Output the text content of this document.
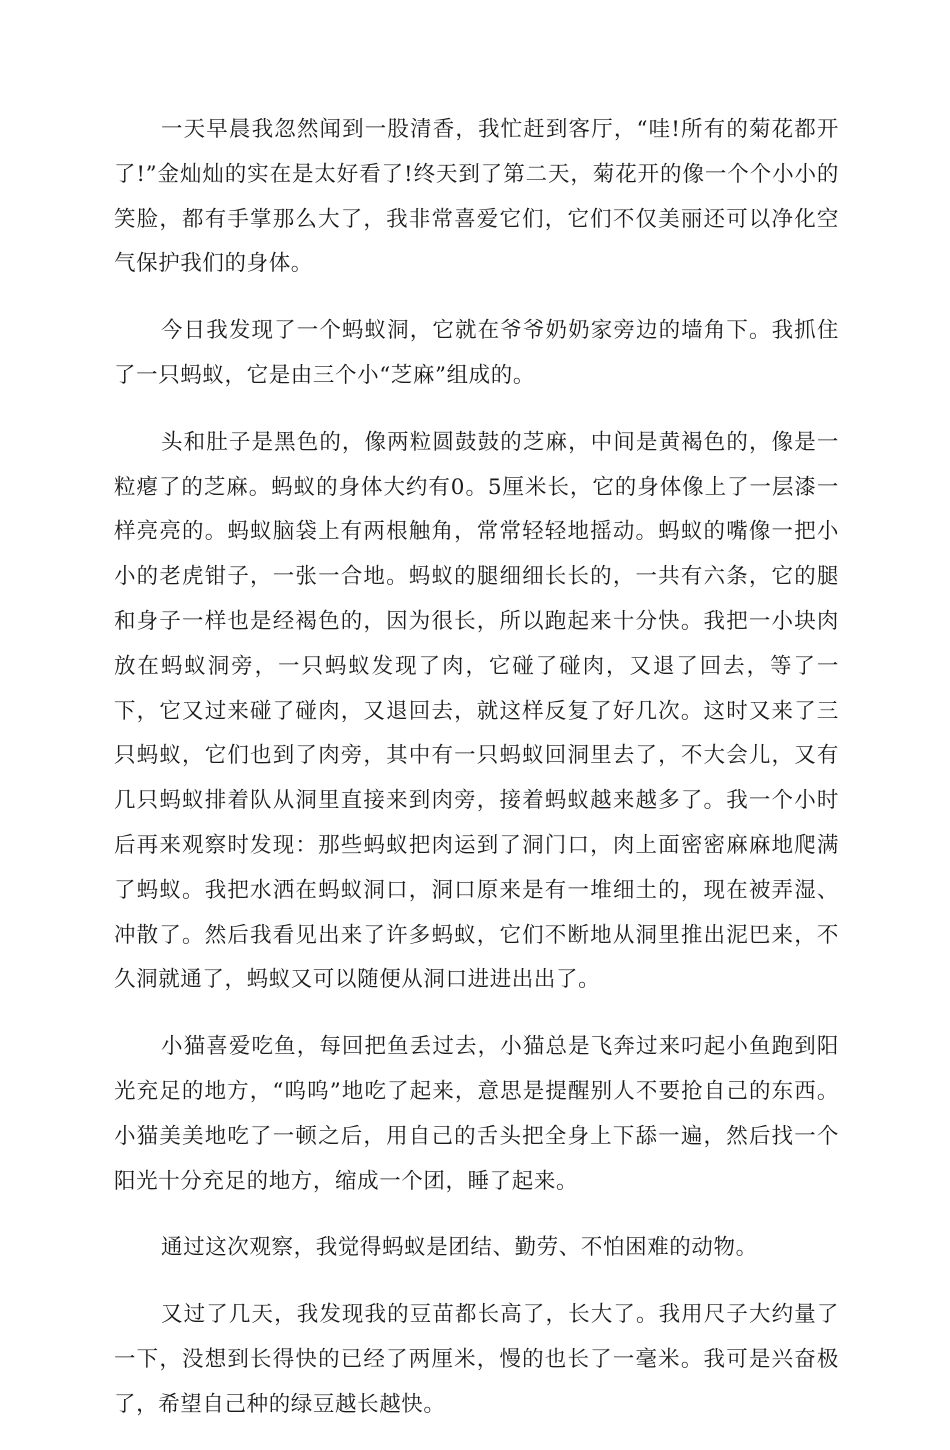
一天早晨我忽然闻到一股清香，我忙赶到客厅，“哇!所有的菊花都开了!”金灿灿的实在是太好看了!终天到了第二天，菊花开的像一个个小小的笑脸，都有手掌那么大了，我非常喜爱它们，它们不仅美丽还可以净化空气保护我们的身体。

今日我发现了一个蚂蚁洞，它就在爷爷奶奶家旁边的墙角下。我抓住了一只蚂蚁，它是由三个小“芝麻”组成的。

头和肚子是黑色的，像两粒圆鼓鼓的芝麻，中间是黄褐色的，像是一粒瘪了的芝麻。蚂蚁的身体大约有0。5厘米长，它的身体像上了一层漆一样亮亮的。蚂蚁脑袋上有两根触角，常常轻轻地摇动。蚂蚁的嘴像一把小小的老虎钳子，一张一合地。蚂蚁的腿细细长长的，一共有六条，它的腿和身子一样也是经褐色的，因为很长，所以跑起来十分快。我把一小块肉放在蚂蚁洞旁，一只蚂蚁发现了肉，它碰了碰肉，又退了回去，等了一下，它又过来碰了碰肉，又退回去，就这样反复了好几次。这时又来了三只蚂蚁，它们也到了肉旁，其中有一只蚂蚁回洞里去了，不大会儿，又有几只蚂蚁排着队从洞里直接来到肉旁，接着蚂蚁越来越多了。我一个小时后再来观察时发现：那些蚂蚁把肉运到了洞门口，肉上面密密麻麻地爬满了蚂蚁。我把水洒在蚂蚁洞口，洞口原来是有一堆细土的，现在被弄湿、冲散了。然后我看见出来了许多蚂蚁，它们不断地从洞里推出泥巴来，不久洞就通了，蚂蚁又可以随便从洞口进进出出了。

小猫喜爱吃鱼，每回把鱼丢过去，小猫总是飞奔过来叼起小鱼跑到阳光充足的地方，“呜呜”地吃了起来，意思是提醒别人不要抢自己的东西。小猫美美地吃了一顿之后，用自己的舌头把全身上下舔一遍，然后找一个阳光十分充足的地方，缩成一个团，睡了起来。

通过这次观察，我觉得蚂蚁是团结、勤劳、不怕困难的动物。

又过了几天，我发现我的豆苗都长高了，长大了。我用尺子大约量了一下，没想到长得快的已经了两厘米，慢的也长了一毫米。我可是兴奋极了，希望自己种的绿豆越长越快。
